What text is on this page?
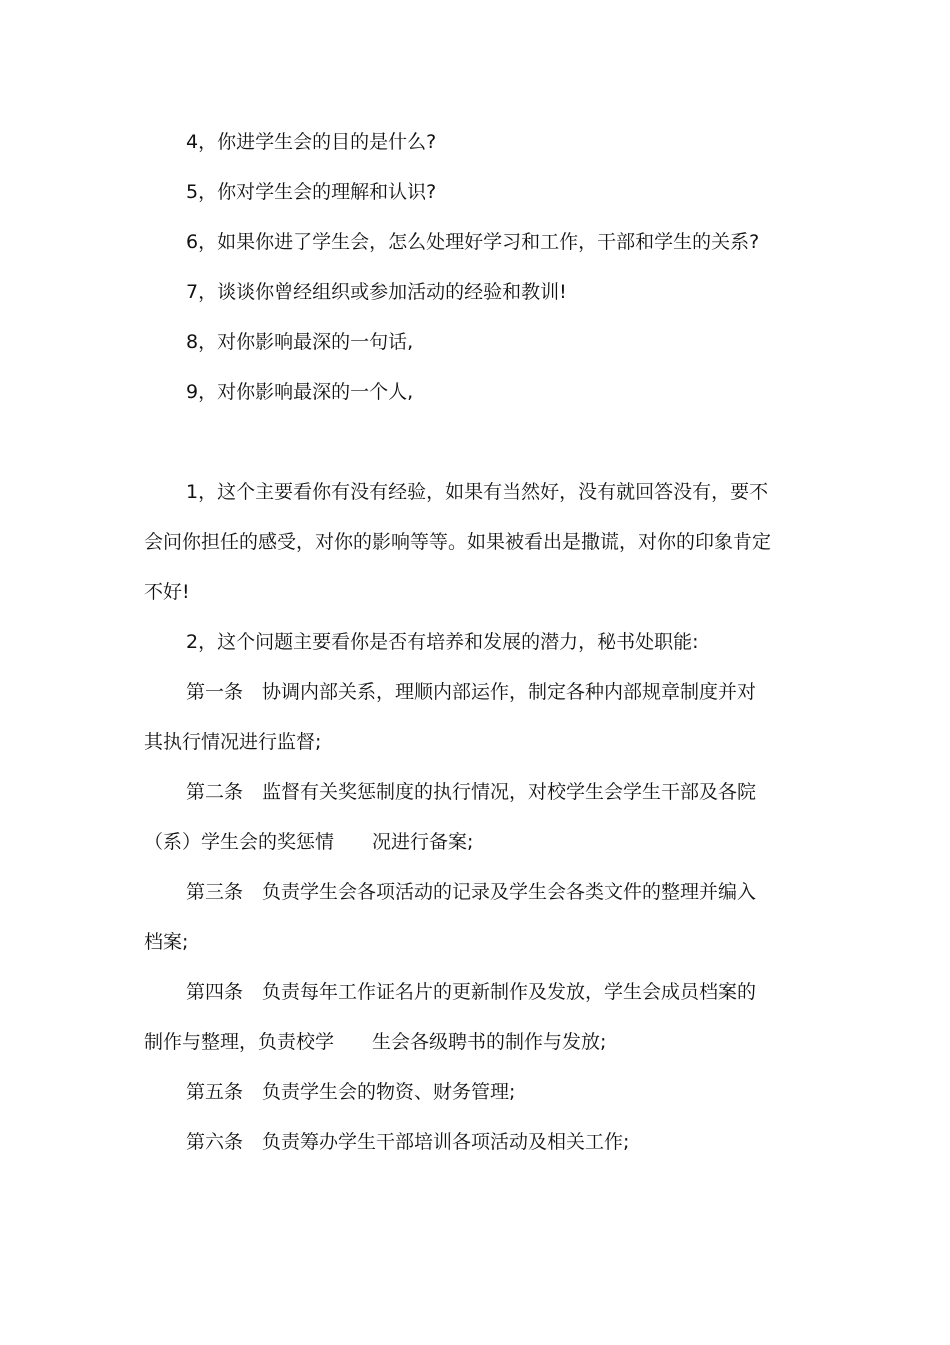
4，你进学生会的目的是什么?

5，你对学生会的理解和认识?

6，如果你进了学生会，怎么处理好学习和工作，干部和学生的关系?

7，谈谈你曾经组织或参加活动的经验和教训!

8，对你影响最深的一句话,

9，对你影响最深的一个人,

1，这个主要看你有没有经验，如果有当然好，没有就回答没有，要不会问你担任的感受，对你的影响等等。如果被看出是撒谎，对你的印象肯定不好!

2，这个问题主要看你是否有培养和发展的潜力，秘书处职能:

第一条　协调内部关系，理顺内部运作，制定各种内部规章制度并对其执行情况进行监督;

第二条　监督有关奖惩制度的执行情况，对校学生会学生干部及各院（系）学生会的奖惩情　　况进行备案;

第三条　负责学生会各项活动的记录及学生会各类文件的整理并编入档案;

第四条　负责每年工作证名片的更新制作及发放，学生会成员档案的制作与整理，负责校学　　生会各级聘书的制作与发放;

第五条　负责学生会的物资、财务管理;

第六条　负责筹办学生干部培训各项活动及相关工作;
